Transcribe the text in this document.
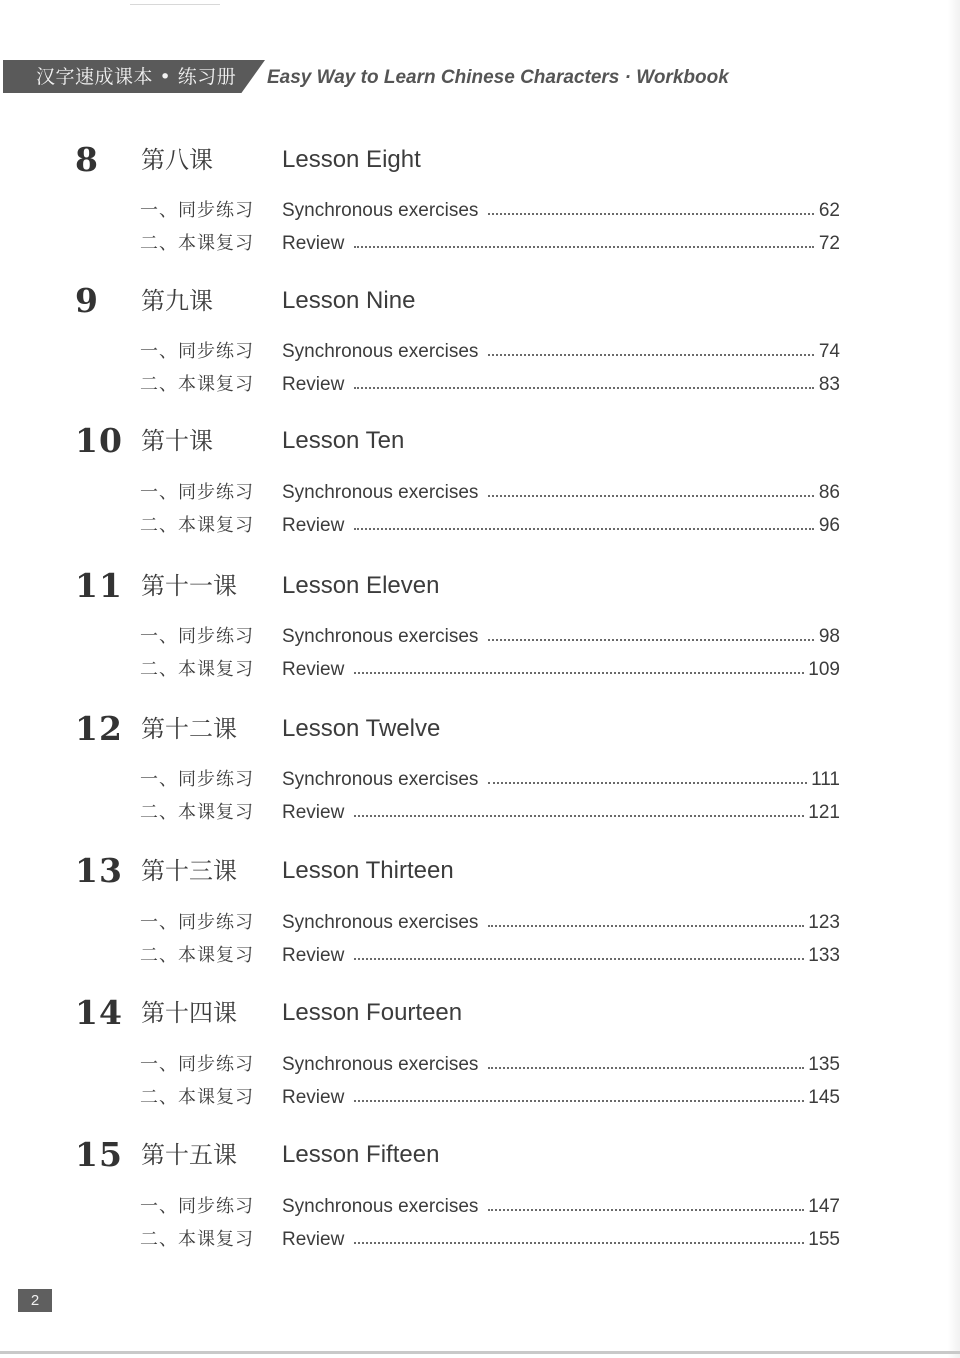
汉字速成课本 • 练习册 Easy Way to Learn Chinese Characters · Workbook
8 第八课	Lesson Eight
一、同步练习	Synchronous exercises	62
二、本课复习	Review	72
9 第九课	Lesson Nine
一、同步练习	Synchronous exercises	74
二、本课复习	Review	83
10 第十课	Lesson Ten
一、同步练习	Synchronous exercises	86
二、本课复习	Review	96
11 第十一课 Lesson Eleven
一、同步练习	Synchronous exercises	98
二、本课复习	Review	109
12 第十二课 Lesson Twelve
一、同步练习	Synchronous exercises	111
二、本课复习	Review	121
13 第十三课 Lesson Thirteen
一、同步练习	Synchronous exercises	123
二、本课复习	Review	133
14 第十四课 Lesson Fourteen
一、同步练习	Synchronous exercises	135
二、本课复习	Review	145
15 第十五课 Lesson Fifteen
一、同步练习	Synchronous exercises	147
二、本课复习	Review	155
2
